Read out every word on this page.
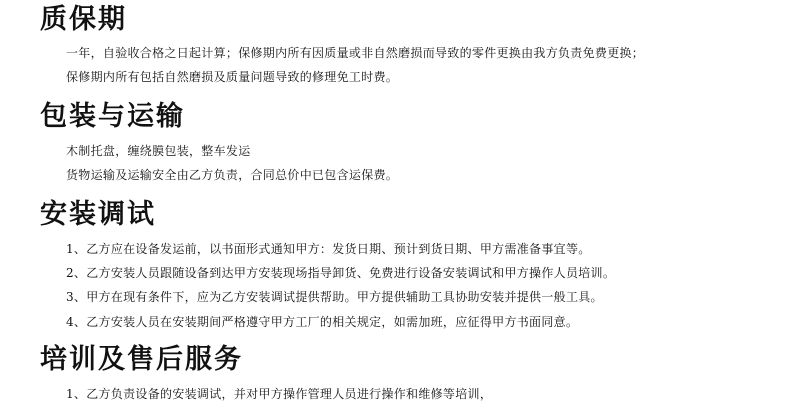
质保期
一年，自验收合格之日起计算；保修期内所有因质量或非自然磨损而导致的零件更换由我方负责免费更换；
保修期内所有包括自然磨损及质量问题导致的修理免工时费。
包装与运输
木制托盘，缠绕膜包装，整车发运
货物运输及运输安全由乙方负责，合同总价中已包含运保费。
安装调试
1、乙方应在设备发运前，以书面形式通知甲方：发货日期、预计到货日期、甲方需准备事宜等。
2、乙方安装人员跟随设备到达甲方安装现场指导卸货、免费进行设备安装调试和甲方操作人员培训。
3、甲方在现有条件下，应为乙方安装调试提供帮助。甲方提供辅助工具协助安装并提供一般工具。
4、乙方安装人员在安装期间严格遵守甲方工厂的相关规定，如需加班，应征得甲方书面同意。
培训及售后服务
1、乙方负责设备的安装调试，并对甲方操作管理人员进行操作和维修等培训，
